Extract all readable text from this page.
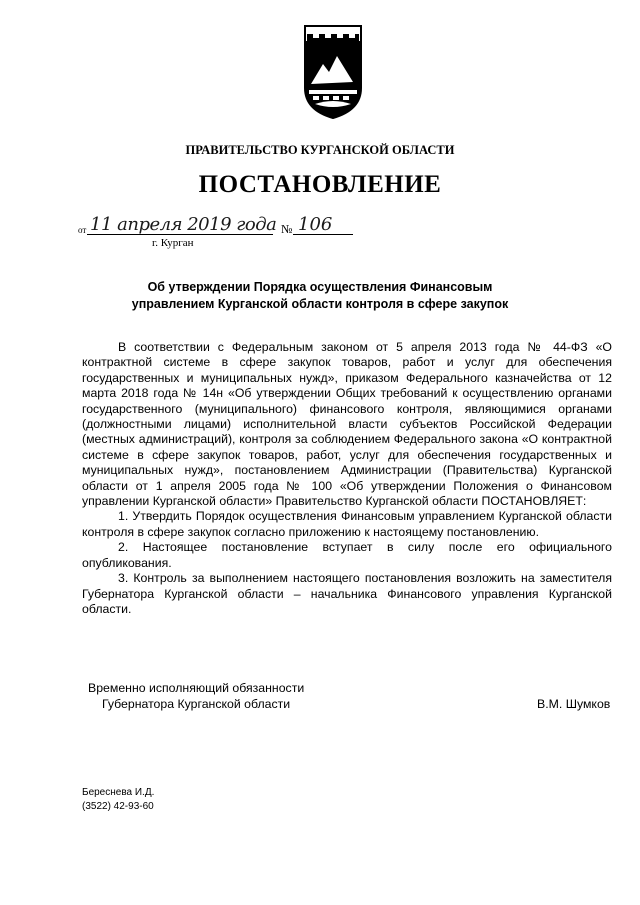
ПРАВИТЕЛЬСТВО КУРГАНСКОЙ ОБЛАСТИ
ПОСТАНОВЛЕНИЕ
от 11 апреля 2019 года № 106
г. Курган
Об утверждении Порядка осуществления Финансовым управлением Курганской области контроля в сфере закупок

В соответствии с Федеральным законом от 5 апреля 2013 года № 44-ФЗ «О контрактной системе в сфере закупок товаров, работ и услуг для обеспечения государственных и муниципальных нужд», приказом Федерального казначейства от 12 марта 2018 года № 14н «Об утверждении Общих требований к осуществлению органами государственного (муниципального) финансового контроля, являющимися органами (должностными лицами) исполнительной власти субъектов Российской Федерации (местных администраций), контроля за соблюдением Федерального закона «О контрактной системе в сфере закупок товаров, работ, услуг для обеспечения государственных и муниципальных нужд», постановлением Администрации (Правительства) Курганской области от 1 апреля 2005 года № 100 «Об утверждении Положения о Финансовом управлении Курганской области» Правительство Курганской области ПОСТАНОВЛЯЕТ:

1. Утвердить Порядок осуществления Финансовым управлением Курганской области контроля в сфере закупок согласно приложению к настоящему постановлению.

2. Настоящее постановление вступает в силу после его официального опубликования.

3. Контроль за выполнением настоящего постановления возложить на заместителя Губернатора Курганской области – начальника Финансового управления Курганской области.

Временно исполняющий обязанности
Губернатора Курганской области	В.М. Шумков
Береснева И.Д.
(3522) 42-93-60
